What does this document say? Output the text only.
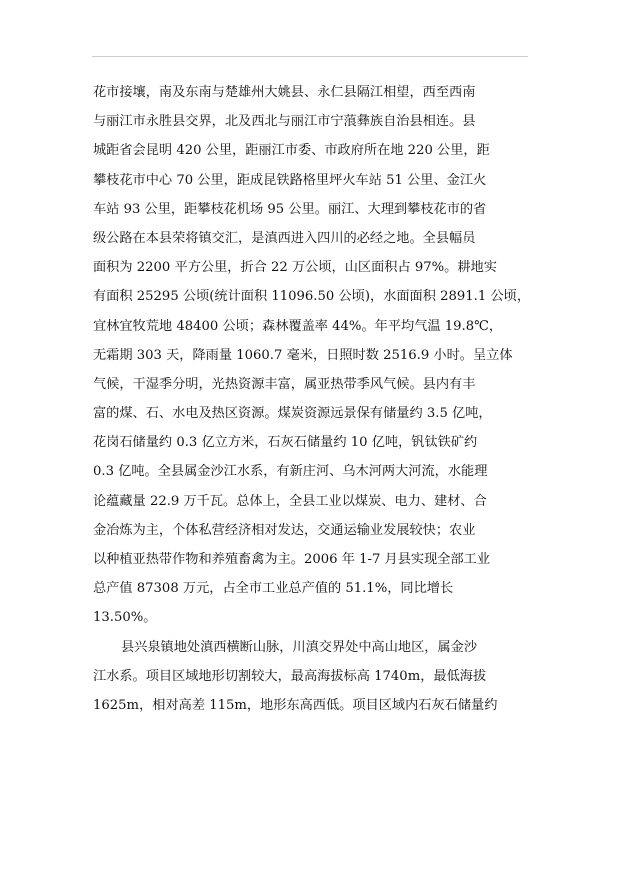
花市接壤，南及东南与楚雄州大姚县、永仁县隔江相望，西至西南
与丽江市永胜县交界，北及西北与丽江市宁蒗彝族自治县相连。县
城距省会昆明 420 公里，距丽江市委、市政府所在地 220 公里，距
攀枝花市中心 70 公里，距成昆铁路格里坪火车站 51 公里、金江火
车站 93 公里，距攀枝花机场 95 公里。丽江、大理到攀枝花市的省
级公路在本县荣将镇交汇，是滇西进入四川的必经之地。全县幅员
面积为 2200 平方公里，折合 22 万公顷，山区面积占 97%。耕地实
有面积 25295 公顷(统计面积 11096.50 公顷)，水面面积 2891.1 公顷，
宜林宜牧荒地 48400 公顷；森林覆盖率 44%。年平均气温 19.8℃，
无霜期 303 天，降雨量 1060.7 毫米，日照时数 2516.9 小时。呈立体
气候，干湿季分明，光热资源丰富，属亚热带季风气候。县内有丰
富的煤、石、水电及热区资源。煤炭资源远景保有储量约 3.5 亿吨，
花岗石储量约 0.3 亿立方米，石灰石储量约 10 亿吨，钒钛铁矿约
0.3 亿吨。全县属金沙江水系，有新庄河、乌木河两大河流，水能理
论蕴藏量 22.9 万千瓦。总体上，全县工业以煤炭、电力、建材、合
金冶炼为主，个体私营经济相对发达，交通运输业发展较快；农业
以种植亚热带作物和养殖畜禽为主。2006 年 1-7 月县实现全部工业
总产值 87308 万元，占全市工业总产值的 51.1%，同比增长
13.50%。
县兴泉镇地处滇西横断山脉，川滇交界处中高山地区，属金沙
江水系。项目区域地形切割较大，最高海拔标高 1740m，最低海拔
1625m，相对高差 115m，地形东高西低。项目区域内石灰石储量约
